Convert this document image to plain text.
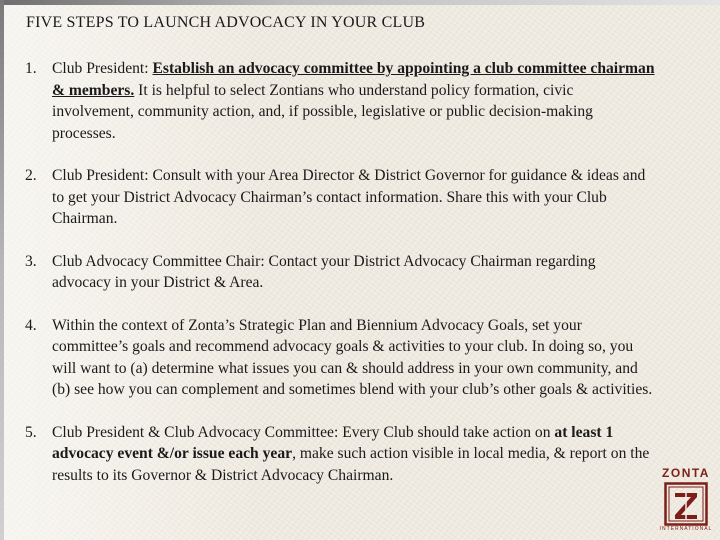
FIVE STEPS TO LAUNCH ADVOCACY IN YOUR CLUB
1. Club President: Establish an advocacy committee by appointing a club committee chairman & members. It is helpful to select Zontians who understand policy formation, civic involvement, community action, and, if possible, legislative or public decision-making processes.
2. Club President: Consult with your Area Director & District Governor for guidance & ideas and to get your District Advocacy Chairman’s contact information. Share this with your Club Chairman.
3. Club Advocacy Committee Chair: Contact your District Advocacy Chairman regarding advocacy in your District & Area.
4. Within the context of Zonta’s Strategic Plan and Biennium Advocacy Goals, set your committee’s goals and recommend advocacy goals & activities to your club. In doing so, you will want to (a) determine what issues you can & should address in your own community, and (b) see how you can complement and sometimes blend with your club’s other goals & activities.
5. Club President & Club Advocacy Committee: Every Club should take action on at least 1 advocacy event &/or issue each year, make such action visible in local media, & report on the results to its Governor & District Advocacy Chairman.	ZONTA
INTERNATIONAL
